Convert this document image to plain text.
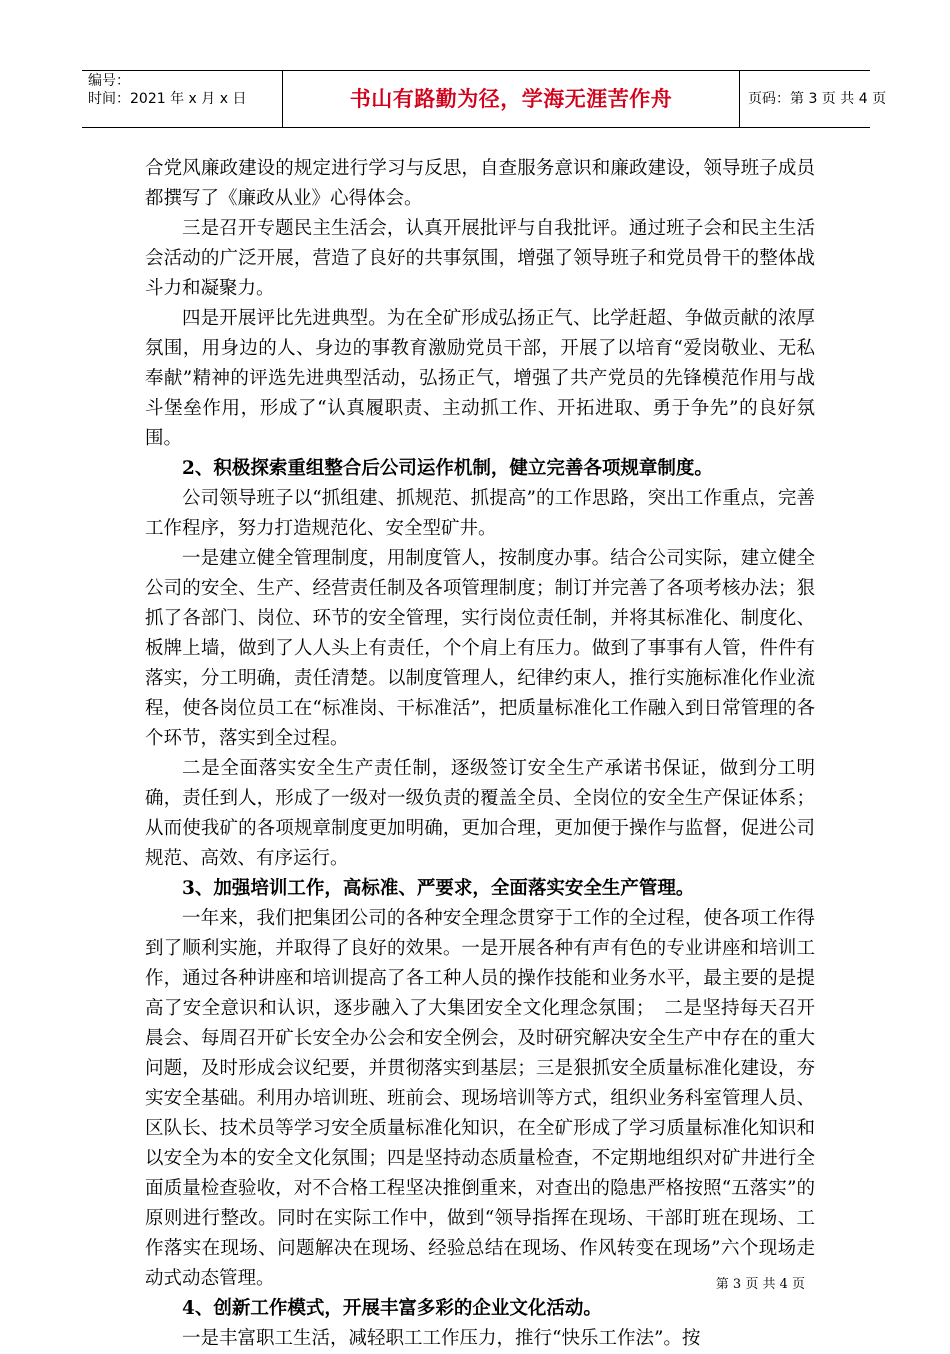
编号：
时间：2021 年 x 月 x 日	书山有路勤为径，学海无涯苦作舟	页码：第 3 页 共 4 页

合党风廉政建设的规定进行学习与反思，自查服务意识和廉政建设，领导班子成员都撰写了《廉政从业》心得体会。

三是召开专题民主生活会，认真开展批评与自我批评。通过班子会和民主生活会活动的广泛开展，营造了良好的共事氛围，增强了领导班子和党员骨干的整体战斗力和凝聚力。

四是开展评比先进典型。为在全矿形成弘扬正气、比学赶超、争做贡献的浓厚氛围，用身边的人、身边的事教育激励党员干部，开展了以培育“爱岗敬业、无私奉献”精神的评选先进典型活动，弘扬正气，增强了共产党员的先锋模范作用与战斗堡垒作用，形成了“认真履职责、主动抓工作、开拓进取、勇于争先”的良好氛围。

2、积极探索重组整合后公司运作机制，健立完善各项规章制度。

公司领导班子以“抓组建、抓规范、抓提高”的工作思路，突出工作重点，完善工作程序，努力打造规范化、安全型矿井。

一是建立健全管理制度，用制度管人，按制度办事。结合公司实际，建立健全公司的安全、生产、经营责任制及各项管理制度；制订并完善了各项考核办法；狠抓了各部门、岗位、环节的安全管理，实行岗位责任制，并将其标准化、制度化、板牌上墙，做到了人人头上有责任，个个肩上有压力。做到了事事有人管，件件有落实，分工明确，责任清楚。以制度管理人，纪律约束人，推行实施标准化作业流程，使各岗位员工在“标准岗、干标准活”，把质量标准化工作融入到日常管理的各个环节，落实到全过程。

二是全面落实安全生产责任制，逐级签订安全生产承诺书保证，做到分工明确，责任到人，形成了一级对一级负责的覆盖全员、全岗位的安全生产保证体系；从而使我矿的各项规章制度更加明确，更加合理，更加便于操作与监督，促进公司规范、高效、有序运行。

3、加强培训工作，高标准、严要求，全面落实安全生产管理。

一年来，我们把集团公司的各种安全理念贯穿于工作的全过程，使各项工作得到了顺利实施，并取得了良好的效果。一是开展各种有声有色的专业讲座和培训工作，通过各种讲座和培训提高了各工种人员的操作技能和业务水平，最主要的是提高了安全意识和认识，逐步融入了大集团安全文化理念氛围；　二是坚持每天召开晨会、每周召开矿长安全办公会和安全例会，及时研究解决安全生产中存在的重大问题，及时形成会议纪要，并贯彻落实到基层；三是狠抓安全质量标准化建设，夯实安全基础。利用办培训班、班前会、现场培训等方式，组织业务科室管理人员、区队长、技术员等学习安全质量标准化知识，在全矿形成了学习质量标准化知识和以安全为本的安全文化氛围；四是坚持动态质量检查，不定期地组织对矿井进行全面质量检查验收，对不合格工程坚决推倒重来，对查出的隐患严格按照“五落实”的原则进行整改。同时在实际工作中，做到“领导指挥在现场、干部盯班在现场、工作落实在现场、问题解决在现场、经验总结在现场、作风转变在现场”六个现场走动式动态管理。

4、创新工作模式，开展丰富多彩的企业文化活动。

一是丰富职工生活，减轻职工工作压力，推行“快乐工作法”。按

第 3 页 共 4 页
